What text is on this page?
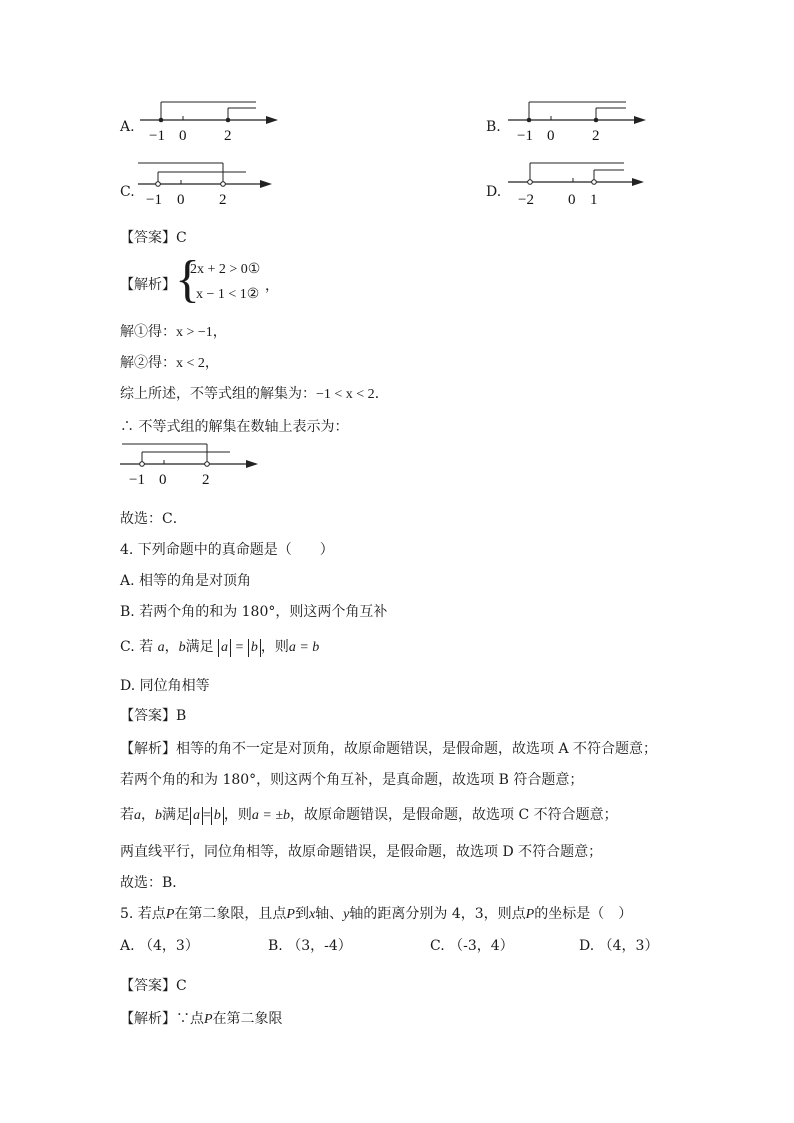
A.
−1 0	2
B.
−1 0	2
C. −1 0 2	D. −2 0 1
【答案】C
【解析】 {
2x + 2 > 0①
x − 1 < 1②
，
解①得：x > −1，
解②得：x < 2，
综上所述，不等式组的解集为：−1 < x < 2．
∴ 不等式组的解集在数轴上表示为：
−1 0 2
故选：C．
4. 下列命题中的真命题是（　　）
A. 相等的角是对顶角
B. 若两个角的和为 180°，则这两个角互补
C. 若 a，b满足 a = b ，则a = b
D. 同位角相等
【答案】B
【解析】相等的角不一定是对顶角，故原命题错误，是假命题，故选项 A 不符合题意；
若两个角的和为 180°，则这两个角互补，是真命题，故选项 B 符合题意；
若a，b满足 a = b ，则a = ±b，故原命题错误，是假命题，故选项 C 不符合题意；
两直线平行，同位角相等，故原命题错误，是假命题，故选项 D 不符合题意；
故选：B．
5. 若点P在第二象限，且点P到x轴、y轴的距离分别为 4，3，则点P的坐标是（　）
A. （4，3）	B. （3，-4）	C. （-3，4）	D. （4，3）
【答案】C
【解析】∵点P在第二象限
